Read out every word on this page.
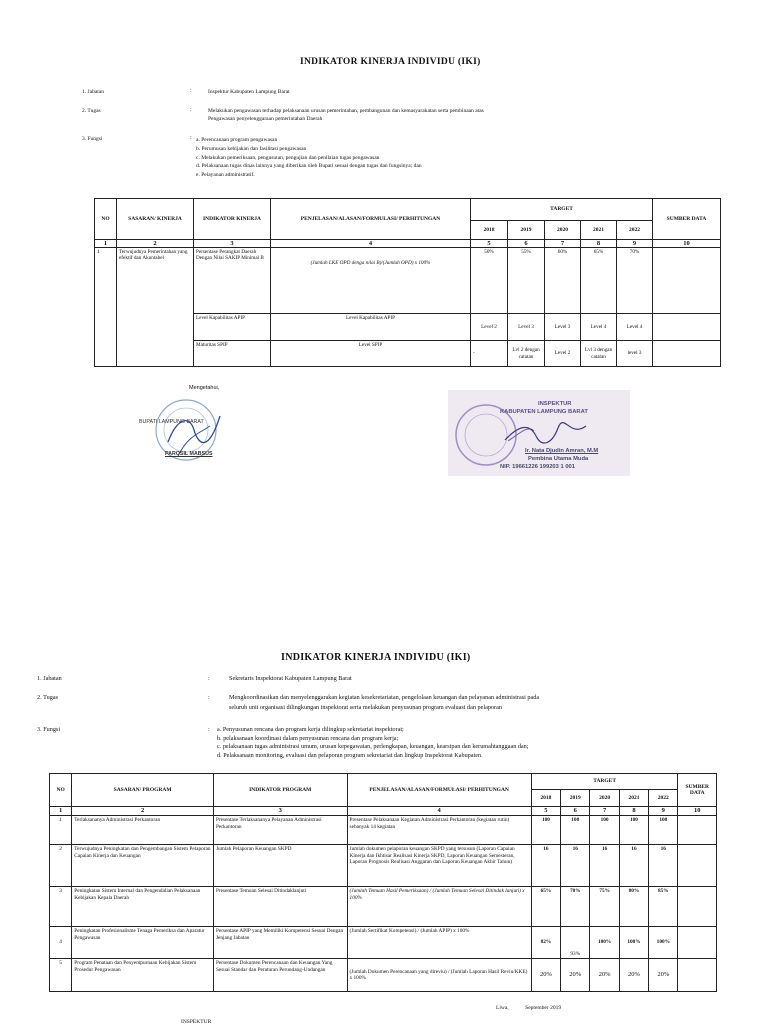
INDIKATOR KINERJA INDIVIDU (IKI)
1. Jabatan	:	Inspektur Kabupaten Lampung Barat
2. Tugas	:	Melakukan pengawasan terhadap pelaksanaan urusan pemerintahan, pembangunan dan kemasyarakatan serta pembinaan atas
Pengawasan penyelenggaraan pemerintahan Daerah
3. Fungsi	: a. Perencanaan program pengawasan
b. Perumusan kebijakan dan fasilitasi pengawasan
c. Melakukan pemeriksaan, pengusutan, pengujian dan penilaian tugas pengawasan
d. Pelaksanaan tugas dinas lainnya yang diberikan oleh Bupati sesuai dengan tugas dan fungsinya; dan
e. Pelayanan administratif.
NO	SASARAN/ KINERJA	INDIKATOR KINERJA	PENJELASAN/ALASAN/FORMULASI/ PERHITUNGAN	TARGET					SUMBER DATA
				2018	2019	2020	2021	2022	
1	2	3	4	5	6	7	8	9	10
1	Terwujudnya Pemerintahan yang efektif dan Akuntabel	Persentase Perangkat Daerah Dengan Nilai SAKIP Minimal B	(Jumlah LKE OPD denga nilai B)/(Jumlah OPD) x 100%	50%	55%	60%	65%	70%	
		Level Kapabilitas APIP	Level Kapabilitas APIP	Level 2	Level 3	Level 3	Level 4	Level 4	
		Maturitas SPIP	Level SPIP	-	Lvl 2 dengan catatan	Level 2	Lvl 3 dengan catatan	level 3	
Mengetahui,
BUPATI LAMPUNG BARAT
PAROSIL MABSUS
INSPEKTUR
KABUPATEN LAMPUNG BARAT
Ir. Nata Djudin Amran, M.M
Pembina Utama Muda
NIP. 19661226 199203 1 001
INDIKATOR KINERJA INDIVIDU (IKI)
1. Jabatan	:	Sekretaris Inspektorat Kabupaten Lampung Barat
2. Tugas	:	Mengkoordinasikan dan menyelenggarakan kegiatan kesekretariatan, pengelolaan keuangan dan pelayanan administrasi pada
seluruh unit organisasi dilingkungan inspektorat serta melakukan penyusunan program evaluasi dan pelaporan
3. Fungsi	: a. Penyusunan rencana dan program kerja dilingkup sekretariat inspektorat;
b. pelaksanaan koordinasi dalam penyusunan rencana dan program kerja;
c. pelaksanaan tugas administrasi umum, urusan kepegawaian, perlengkapan, keuangan, kearsipan dan kerumahtanggaan dan;
d. Pelaksanaan monitoring, evaluasi dan pelaporan program sekretariat dan lingkup Inspektorat Kabupaten.
NO	SASARAN/ PROGRAM	INDIKATOR PROGRAM	PENJELASAN/ALASAN/FORMULASI/ PERHITUNGAN	TARGET					SUMBER DATA
				2018	2019	2020	2021	2022	
1	2	3	4	5	6	7	8	9	10
1	Terlaksananya Administrasi Perkantoran	Presentase Terlaksananya Pelayanan Administrasi Perkantoran	Presentase Pelaksanaan Kegiatan Administrasi Perkantoran (kegiatan rutin) sebanyak 14 kegiatan	100	100	100	100	100	
2	Terwujudnya Peningkatan dan Pengembangan Sistem Pelaporan Capaian Kinerja dan Keuangan	Jumlah Pelaporan Keuangan SKPD	Jumlah dokumen pelaporan keuangan SKPD yang tersusun (Laporan Capaian Kinerja dan Ikhtisar Realisasi Kinerja SKPD, Laporan Keuangan Semesteran, Laporan Prognosis Realisasi Anggaran dan Laporan Keuangan Akhir Tahun)	16	16	16	16	16	
3	Peningkatan Sistem Internal dan Pengendalian Pelaksanaan Kebijakan Kepala Daerah	Presentase Temuan Selesai Ditindaklanjuti	(Jumlah Temuan Hasil Pemeriksaan) / (Jumlah Temuan Selesai Ditindak lanjuti) x 100%	65%	70%	75%	80%	85%	
4	Peningkatan Profesionalisme Tenaga Pemeriksa dan Aparatur Pengawasan	Persentase APIP yang Memiliki Kompetensi Sesuai Dengan Jenjang Jabatan	(Jumlah Sertifikat Kompetensi) / (Jumlah APIP) x 100%	82%	93%	100%	100%	100%	
5	Program Penataan dan Penyempurnaan Kebijakan Sistem Prosedur Pengawasan	Persentase Dokumen Perencanaan dan Keuangan Yang Sesuai Standar dan Peraturan Perundang-Undangan	(Jumlah Dokumen Perencanaan yang direviu) / (Jumlah Laporan Hasil Reviu/KKE) x 100%	20%	20%	20%	20%	20%	
Liwa,            September 2019
INSPEKTUR
